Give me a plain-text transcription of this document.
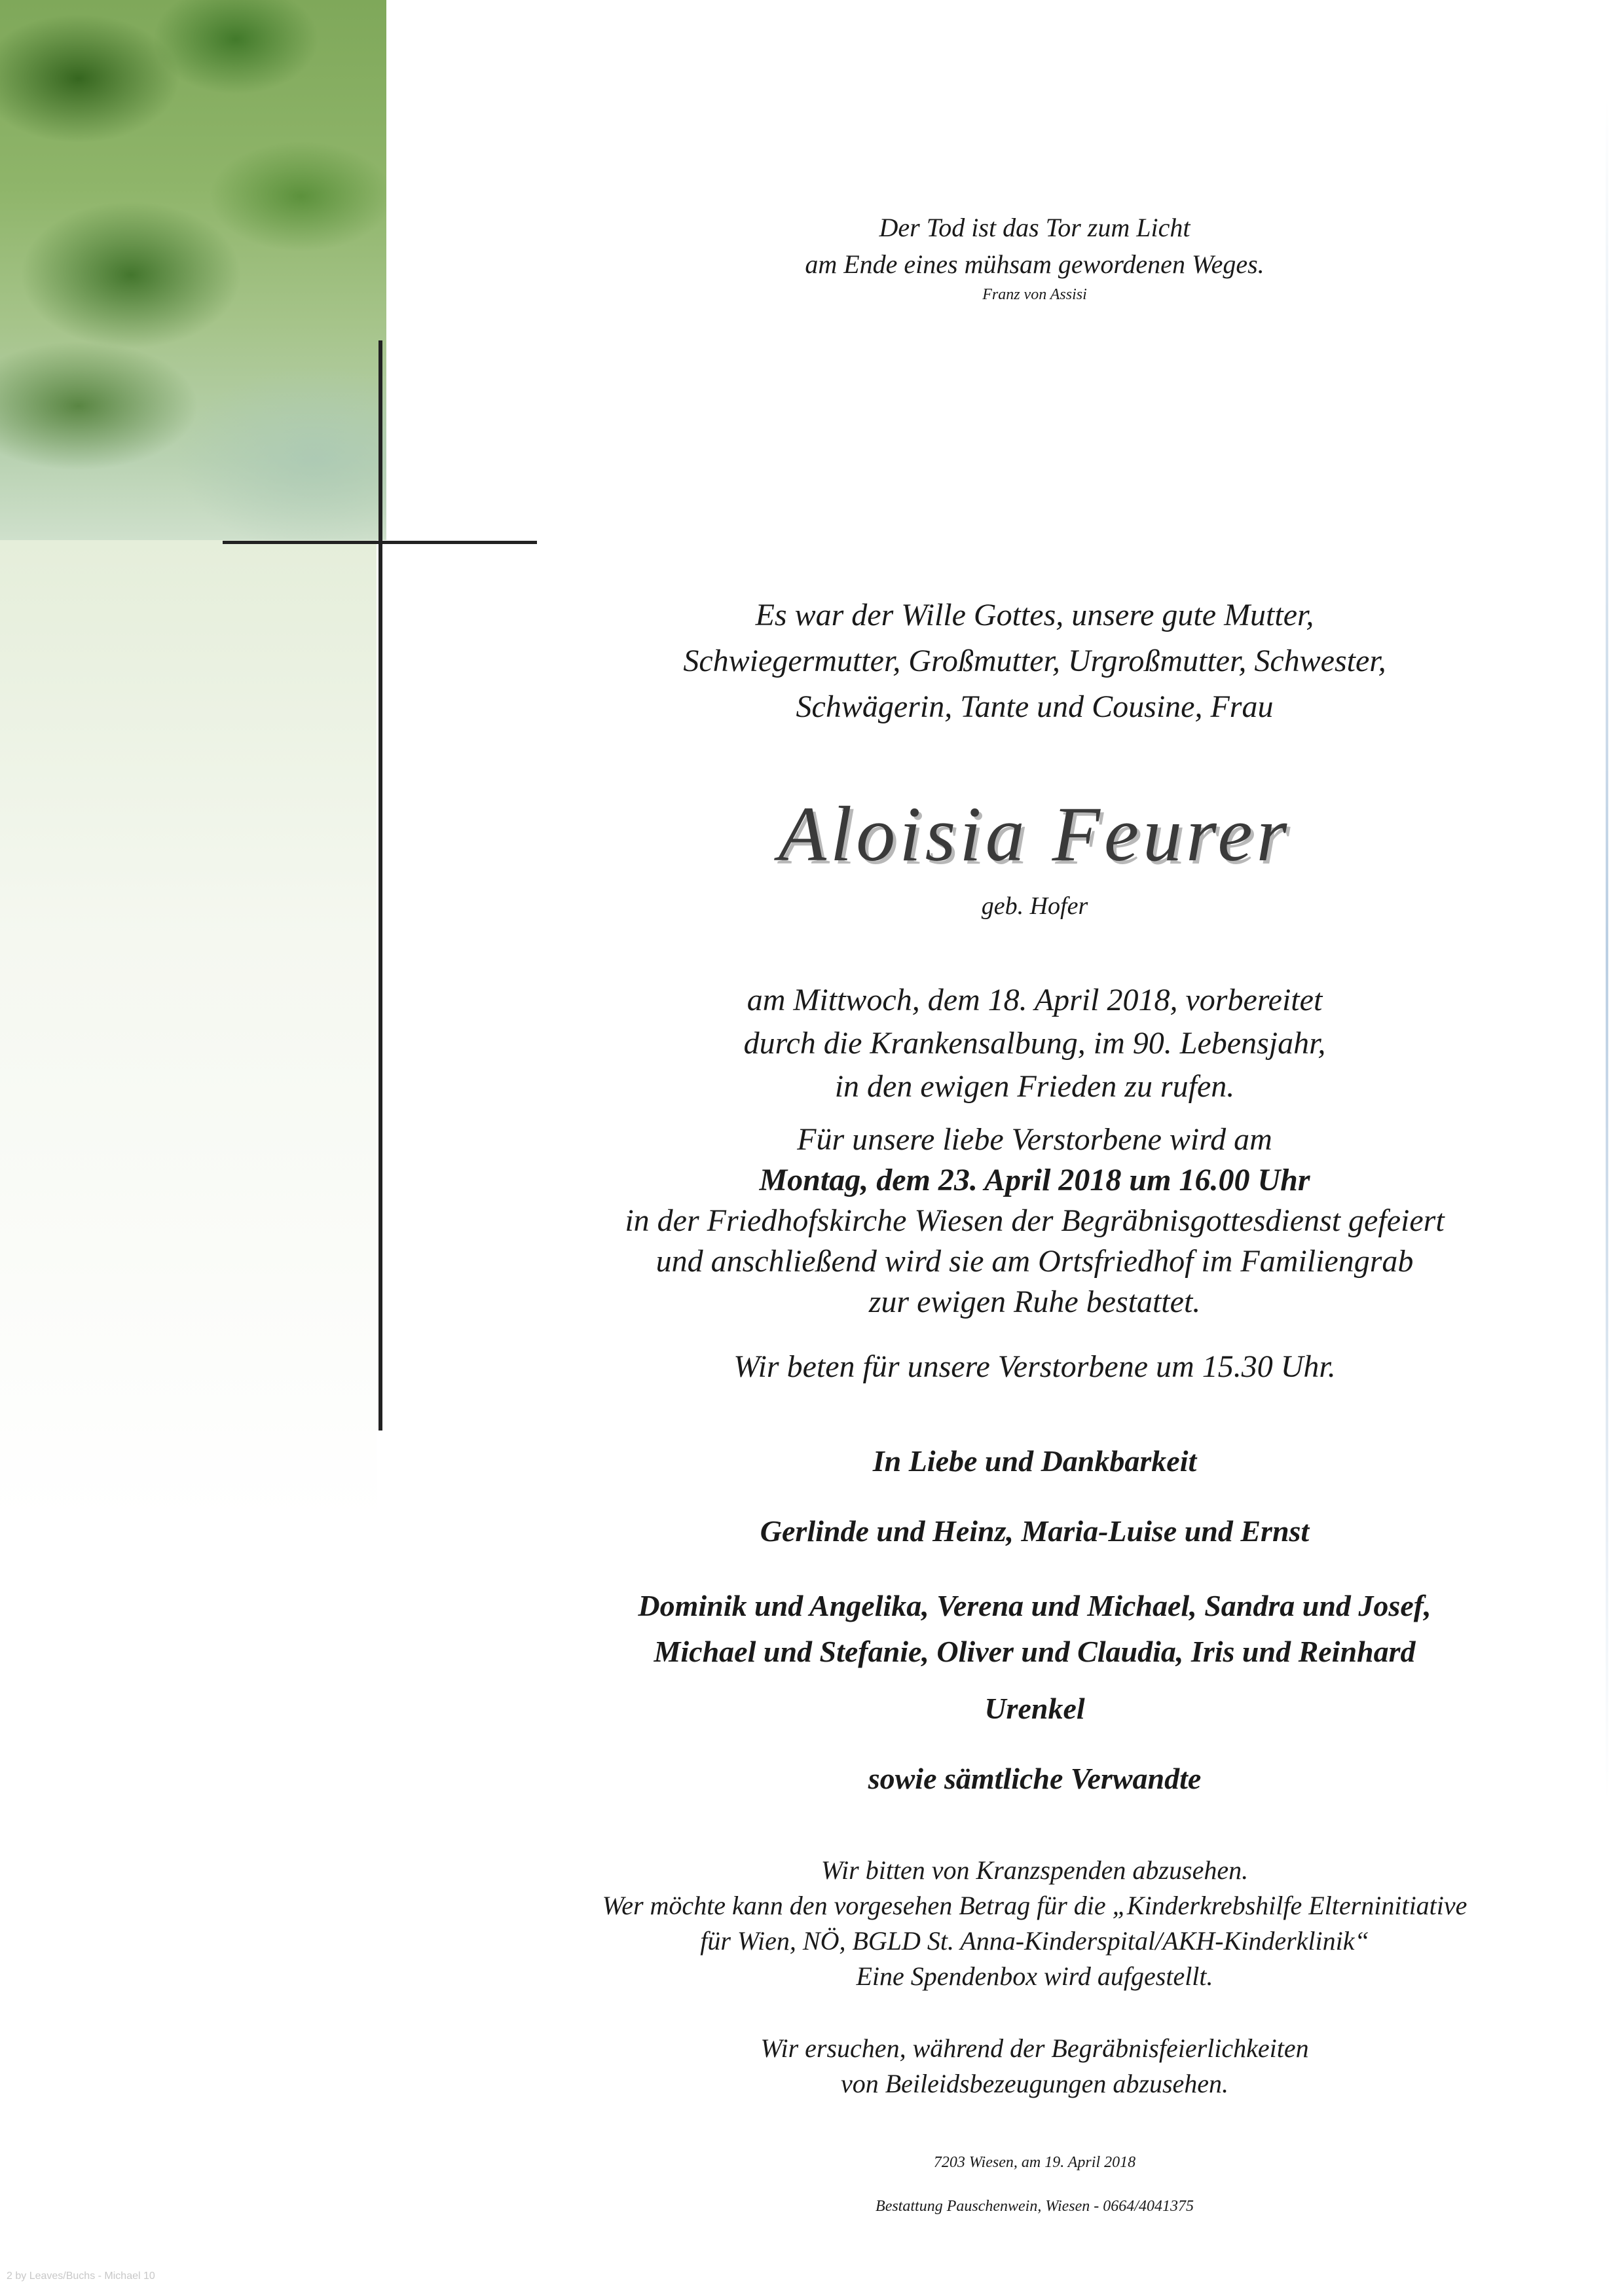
Der Tod ist das Tor zum Licht
am Ende eines mühsam gewordenen Weges.

Franz von Assisi

Es war der Wille Gottes, unsere gute Mutter,
Schwiegermutter, Großmutter, Urgroßmutter, Schwester,
Schwägerin, Tante und Cousine, Frau

Aloisia Feurer

geb. Hofer

am Mittwoch, dem 18. April 2018, vorbereitet
durch die Krankensalbung, im 90. Lebensjahr,
in den ewigen Frieden zu rufen.

Für unsere liebe Verstorbene wird am
Montag, dem 23. April 2018 um 16.00 Uhr
in der Friedhofskirche Wiesen der Begräbnisgottesdienst gefeiert
und anschließend wird sie am Ortsfriedhof im Familiengrab
zur ewigen Ruhe bestattet.

Wir beten für unsere Verstorbene um 15.30 Uhr.

In Liebe und Dankbarkeit

Gerlinde und Heinz, Maria-Luise und Ernst

Dominik und Angelika, Verena und Michael, Sandra und Josef,
Michael und Stefanie, Oliver und Claudia, Iris und Reinhard

Urenkel

sowie sämtliche Verwandte

Wir bitten von Kranzspenden abzusehen.
Wer möchte kann den vorgesehen Betrag für die „Kinderkrebshilfe Elterninitiative
für Wien, NÖ, BGLD St. Anna-Kinderspital/AKH-Kinderklinik“
Eine Spendenbox wird aufgestellt.

Wir ersuchen, während der Begräbnisfeierlichkeiten
von Beileidsbezeugungen abzusehen.

7203 Wiesen, am 19. April 2018

Bestattung Pauschenwein, Wiesen - 0664/4041375

2 by Leaves/Buchs - Michael 10
